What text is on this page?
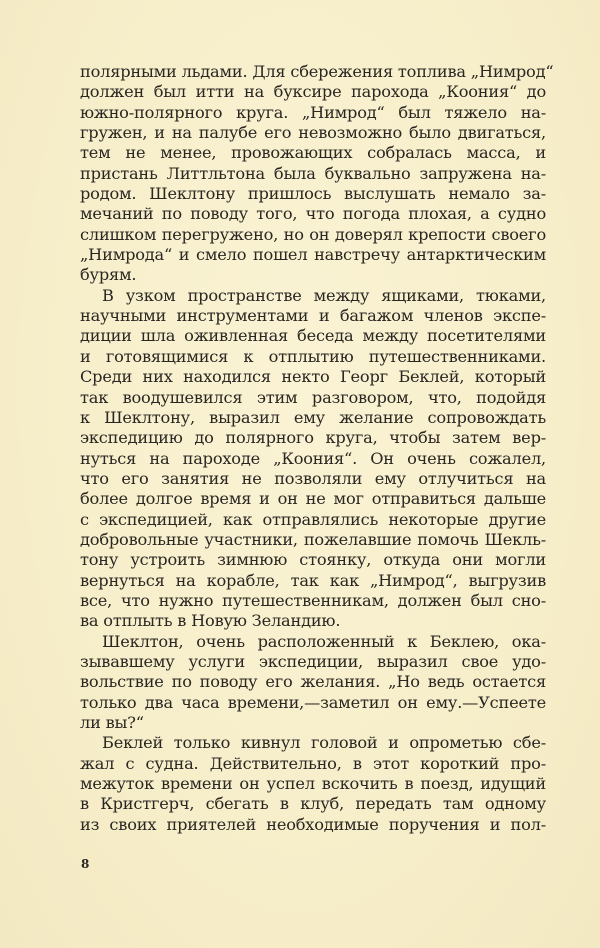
полярными льдами. Для сбережения топлива „Нимрод“
должен был итти на буксире парохода „Коония“ до
южно-полярного круга. „Нимрод“ был тяжело на-
гружен, и на палубе его невозможно было двигаться,
тем не менее, провожающих собралась масса, и
пристань Литтльтона была буквально запружена на-
родом. Шеклтону пришлось выслушать немало за-
мечаний по поводу того, что погода плохая, а судно
слишком перегружено, но он доверял крепости своего
„Нимрода“ и смело пошел навстречу антарктическим
бурям.
В узком пространстве между ящиками, тюками,
научными инструментами и багажом членов экспе-
диции шла оживленная беседа между посетителями
и готовящимися к отплытию путешественниками.
Среди них находился некто Георг Беклей, который
так воодушевился этим разговором, что, подойдя
к Шеклтону, выразил ему желание сопровождать
экспедицию до полярного круга, чтобы затем вер-
нуться на пароходе „Коония“. Он очень сожалел,
что его занятия не позволяли ему отлучиться на
более долгое время и он не мог отправиться дальше
с экспедицией, как отправлялись некоторые другие
добровольные участники, пожелавшие помочь Шекль-
тону устроить зимнюю стоянку, откуда они могли
вернуться на корабле, так как „Нимрод“, выгрузив
все, что нужно путешественникам, должен был сно-
ва отплыть в Новую Зеландию.
Шеклтон, очень расположенный к Беклею, ока-
зывавшему услуги экспедиции, выразил свое удо-
вольствие по поводу его желания. „Но ведь остается
только два часа времени,—заметил он ему.—Успеете
ли вы?“
Беклей только кивнул головой и опрометью сбе-
жал с судна. Действительно, в этот короткий про-
межуток времени он успел вскочить в поезд, идущий
в Кристгерч, сбегать в клуб, передать там одному
из своих приятелей необходимые поручения и пол-
8
